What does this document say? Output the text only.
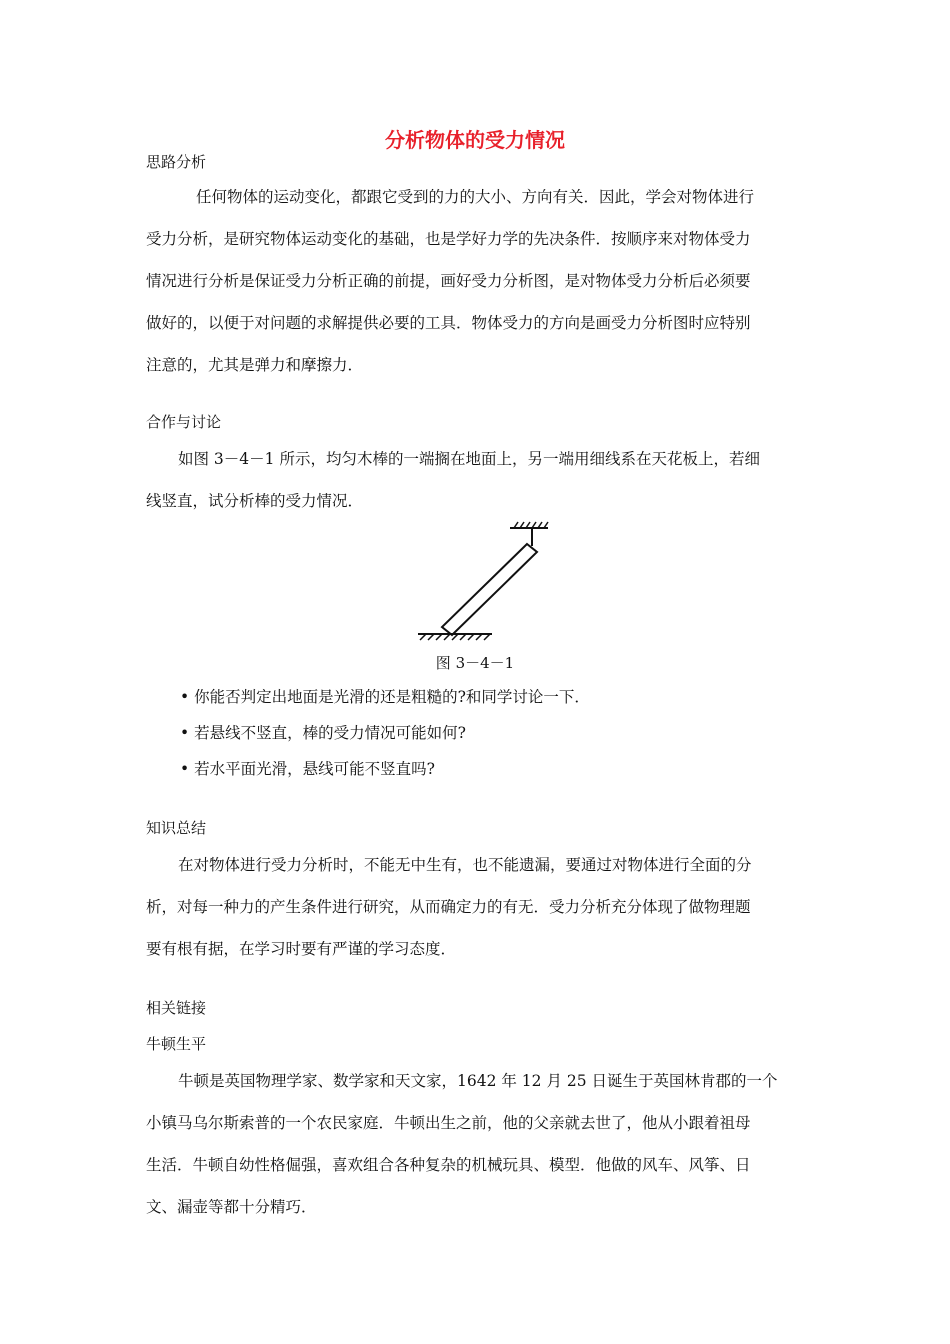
分析物体的受力情况
思路分析
任何物体的运动变化，都跟它受到的力的大小、方向有关．因此，学会对物体进行
受力分析，是研究物体运动变化的基础，也是学好力学的先决条件．按顺序来对物体受力
情况进行分析是保证受力分析正确的前提，画好受力分析图，是对物体受力分析后必须要
做好的，以便于对问题的求解提供必要的工具．物体受力的方向是画受力分析图时应特别
注意的，尤其是弹力和摩擦力．
合作与讨论
如图 3－4－1 所示，均匀木棒的一端搁在地面上，另一端用细线系在天花板上，若细
线竖直，试分析棒的受力情况．
图 3－4－1
• 你能否判定出地面是光滑的还是粗糙的?和同学讨论一下．
• 若悬线不竖直，棒的受力情况可能如何?
• 若水平面光滑，悬线可能不竖直吗?
知识总结
在对物体进行受力分析时，不能无中生有，也不能遗漏，要通过对物体进行全面的分
析，对每一种力的产生条件进行研究，从而确定力的有无．受力分析充分体现了做物理题
要有根有据，在学习时要有严谨的学习态度．
相关链接
牛顿生平
牛顿是英国物理学家、数学家和天文家，1642 年 12 月 25 日诞生于英国林肯郡的一个
小镇马乌尔斯索普的一个农民家庭．牛顿出生之前，他的父亲就去世了，他从小跟着祖母
生活．牛顿自幼性格倔强，喜欢组合各种复杂的机械玩具、模型．他做的风车、风筝、日
文、漏壶等都十分精巧．
